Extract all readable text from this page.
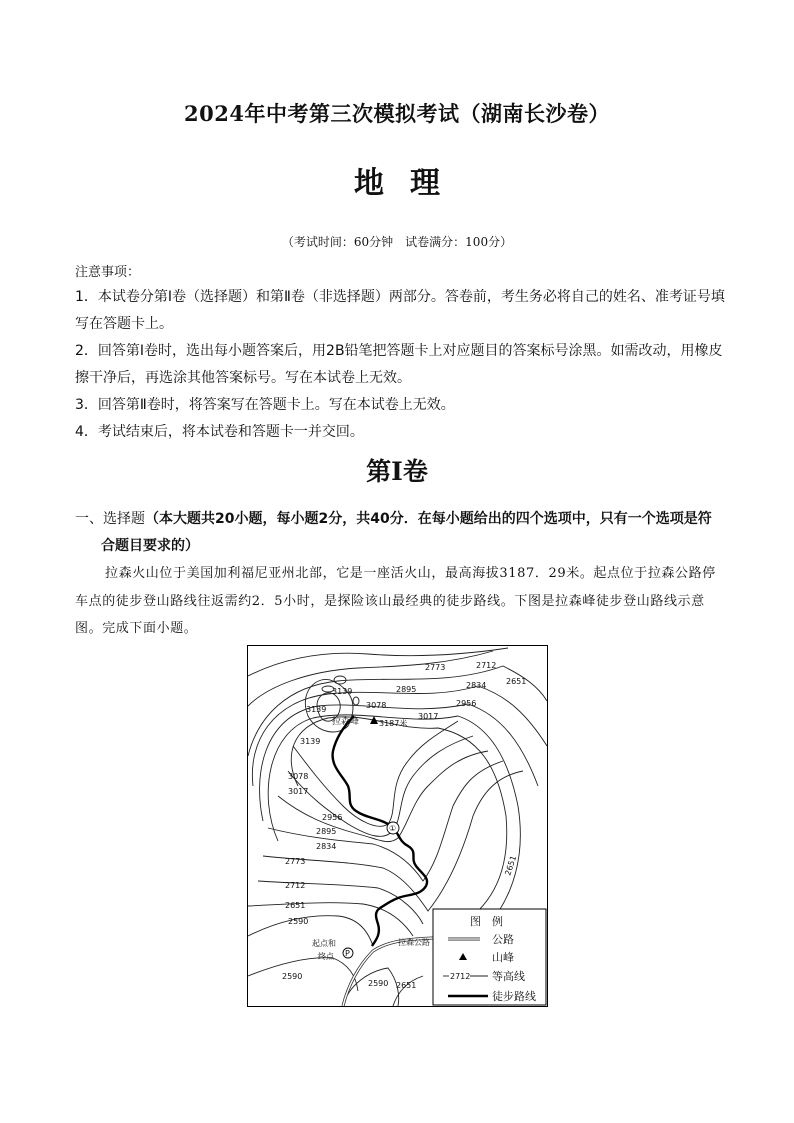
2024年中考第三次模拟考试（湖南长沙卷）
地理
（考试时间：60分钟　试卷满分：100分）
注意事项：
1．本试卷分第Ⅰ卷（选择题）和第Ⅱ卷（非选择题）两部分。答卷前，考生务必将自己的姓名、准考证号填写在答题卡上。
2．回答第Ⅰ卷时，选出每小题答案后，用2B铅笔把答题卡上对应题目的答案标号涂黑。如需改动，用橡皮擦干净后，再选涂其他答案标号。写在本试卷上无效。
3．回答第Ⅱ卷时，将答案写在答题卡上。写在本试卷上无效。
4．考试结束后，将本试卷和答题卡一并交回。
第Ⅰ卷
一、选择题（本大题共20小题，每小题2分，共40分．在每小题给出的四个选项中，只有一个选项是符
合题目要求的）
拉森火山位于美国加利福尼亚州北部，它是一座活火山，最高海拔3187．29米。起点位于拉森公路停车点的徒步登山路线往返需约2．5小时，是探险该山最经典的徒步路线。下图是拉森峰徒步登山路线示意图。完成下面小题。
拉森峰 3187米
①
P
起点和
终点
拉森公路
2773	2712
2651
2895	2834
2956
3017
3078
3139
3139
3139
3078
3017
2956
2895
2834
2773
2712
2651
2590
2590
2590 2651
2651
图　例
公路
山峰
2712 等高线
徒步路线
